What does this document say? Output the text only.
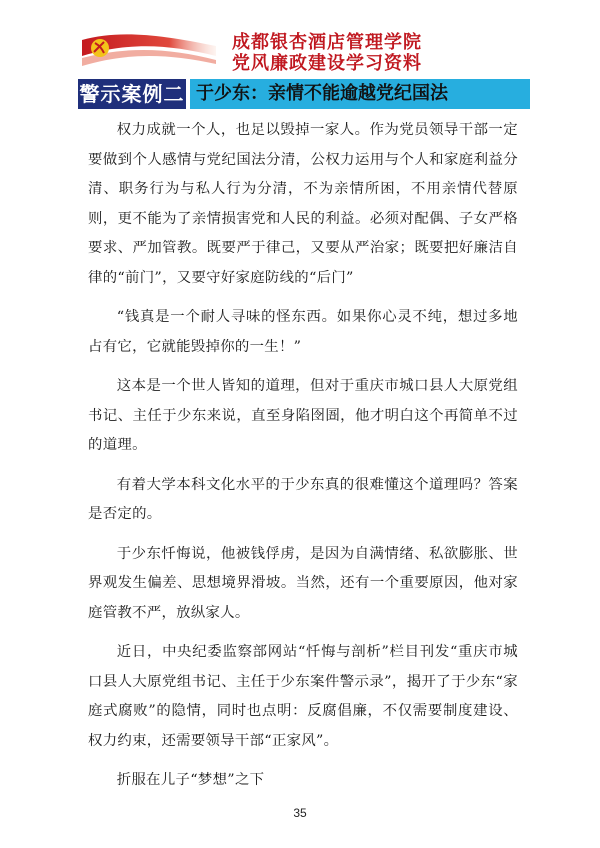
成都银杏酒店管理学院
党风廉政建设学习资料
警示案例二 于少东：亲情不能逾越党纪国法

权力成就一个人，也足以毁掉一家人。作为党员领导干部一定要做到个人感情与党纪国法分清，公权力运用与个人和家庭利益分清、职务行为与私人行为分清，不为亲情所困，不用亲情代替原则，更不能为了亲情损害党和人民的利益。必须对配偶、子女严格要求、严加管教。既要严于律己，又要从严治家；既要把好廉洁自律的“前门”，又要守好家庭防线的“后门”

“钱真是一个耐人寻味的怪东西。如果你心灵不纯，想过多地占有它，它就能毁掉你的一生！”

这本是一个世人皆知的道理，但对于重庆市城口县人大原党组书记、主任于少东来说，直至身陷囹圄，他才明白这个再简单不过的道理。

有着大学本科文化水平的于少东真的很难懂这个道理吗？答案是否定的。

于少东忏悔说，他被钱俘虏，是因为自满情绪、私欲膨胀、世界观发生偏差、思想境界滑坡。当然，还有一个重要原因，他对家庭管教不严，放纵家人。

近日，中央纪委监察部网站“忏悔与剖析”栏目刊发“重庆市城口县人大原党组书记、主任于少东案件警示录”，揭开了于少东“家庭式腐败”的隐情，同时也点明：反腐倡廉，不仅需要制度建设、权力约束，还需要领导干部“正家风”。

折服在儿子“梦想”之下

35
